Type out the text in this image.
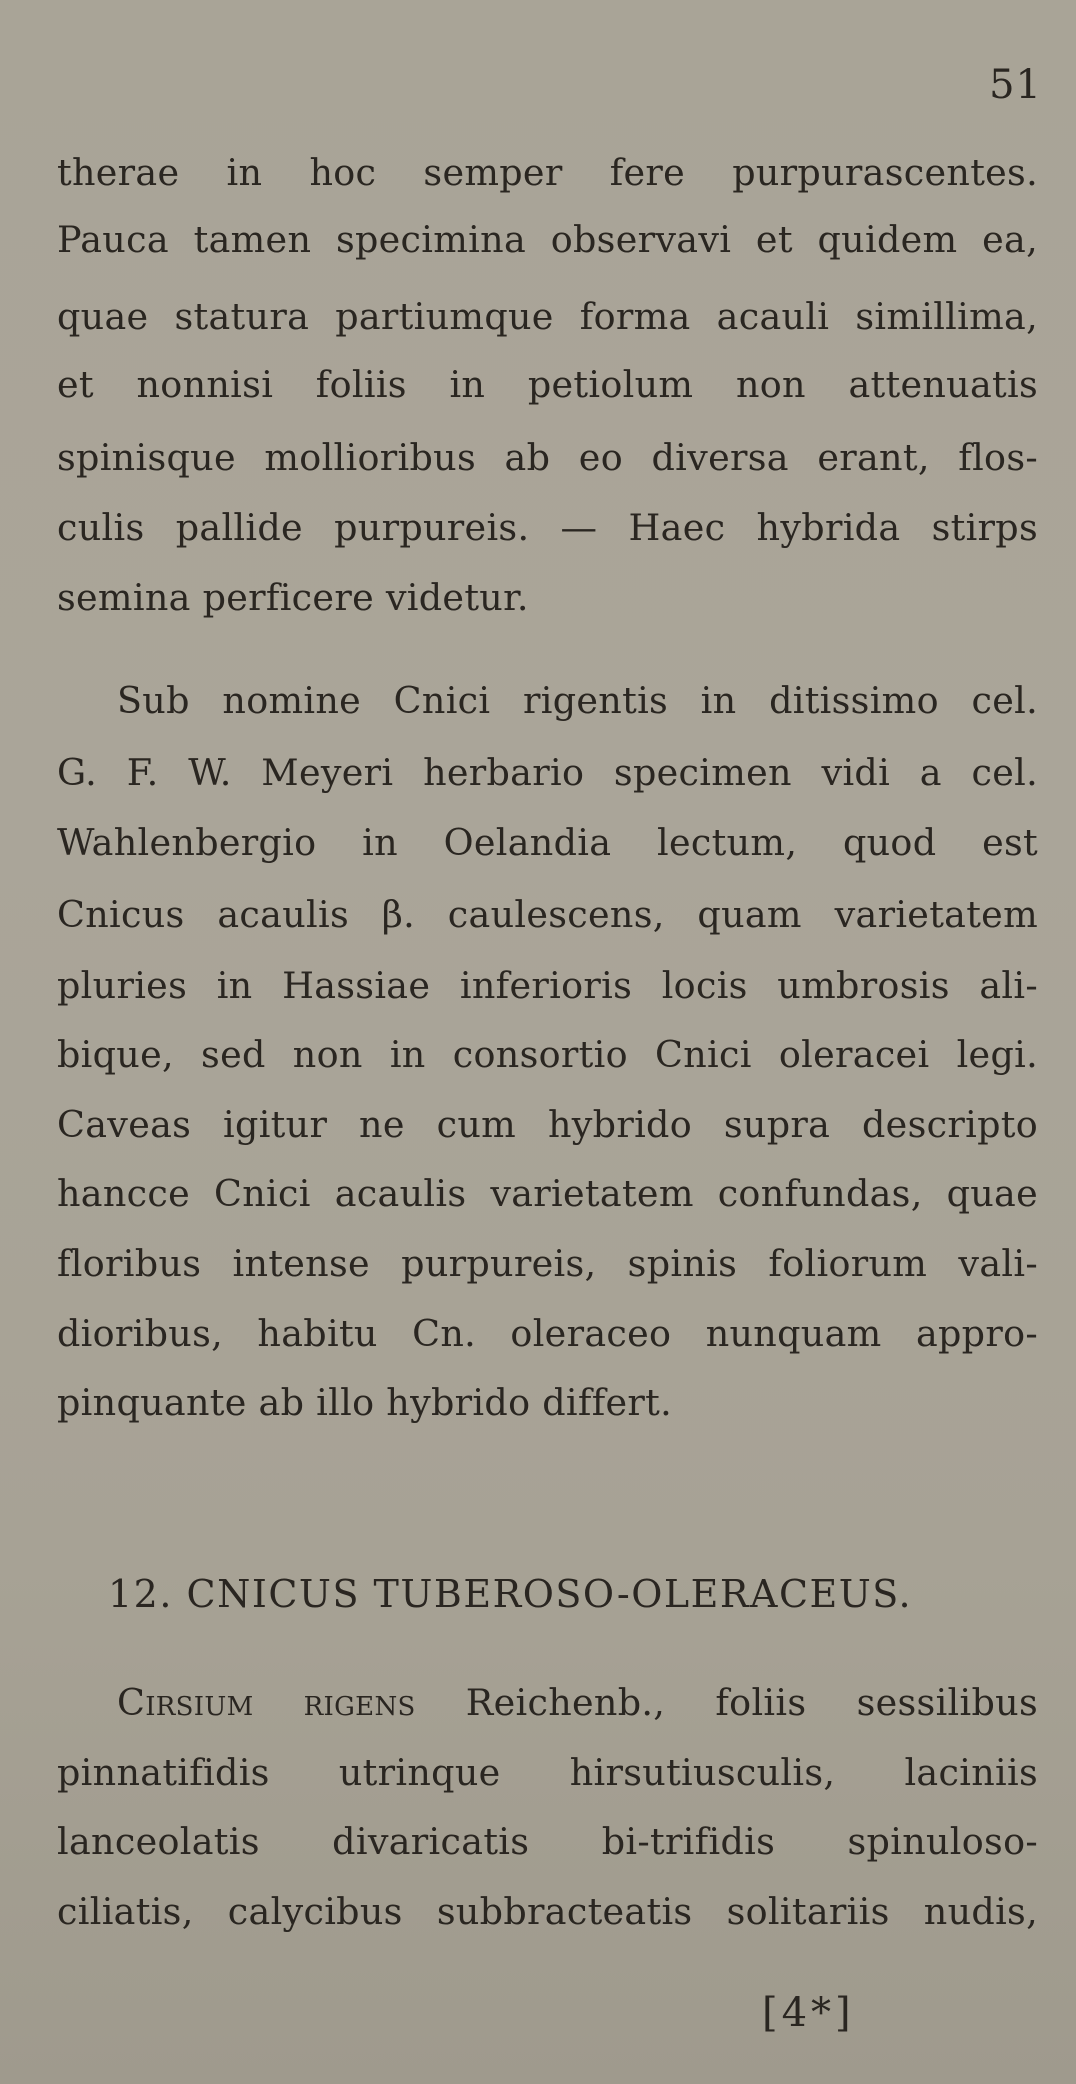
51
therae in hoc semper fere purpurascentes.
Pauca tamen specimina observavi et quidem ea,
quae statura partiumque forma acauli simillima,
et nonnisi foliis in petiolum non attenuatis
spinisque mollioribus ab eo diversa erant, flos-
culis pallide purpureis. — Haec hybrida stirps
semina perficere videtur.
Sub nomine Cnici rigentis in ditissimo cel.
G. F. W. Meyeri herbario specimen vidi a cel.
Wahlenbergio in Oelandia lectum, quod est
Cnicus acaulis β. caulescens, quam varietatem
pluries in Hassiae inferioris locis umbrosis ali-
bique, sed non in consortio Cnici oleracei legi.
Caveas igitur ne cum hybrido supra descripto
hancce Cnici acaulis varietatem confundas, quae
floribus intense purpureis, spinis foliorum vali-
dioribus, habitu Cn. oleraceo nunquam appro-
pinquante ab illo hybrido differt.
12. CNICUS TUBEROSO-OLERACEUS.
Cirsium rigens Reichenb., foliis sessilibus
pinnatifidis utrinque hirsutiusculis, laciniis
lanceolatis divaricatis bi-trifidis spinuloso-
ciliatis, calycibus subbracteatis solitariis nudis,
[4*]
